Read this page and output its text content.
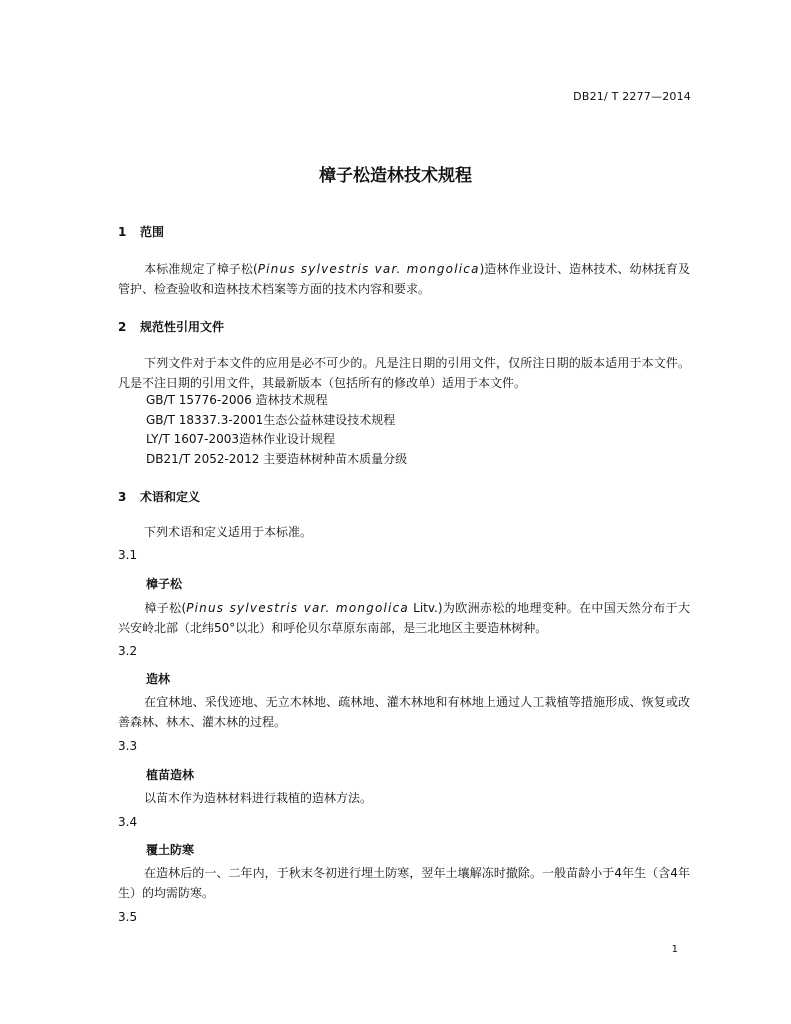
DB21/ T 2277—2014
樟子松造林技术规程
1 范围
本标准规定了樟子松(Pinus sylvestris var. mongolica)造林作业设计、造林技术、幼林抚育及管护、检查验收和造林技术档案等方面的技术内容和要求。
2 规范性引用文件
下列文件对于本文件的应用是必不可少的。凡是注日期的引用文件，仅所注日期的版本适用于本文件。凡是不注日期的引用文件，其最新版本（包括所有的修改单）适用于本文件。
GB/T 15776-2006 造林技术规程
GB/T 18337.3-2001生态公益林建设技术规程
LY/T 1607-2003造林作业设计规程
DB21/T 2052-2012 主要造林树种苗木质量分级
3 术语和定义
下列术语和定义适用于本标准。
3.1
樟子松
樟子松(Pinus sylvestris var. mongolica Litv.)为欧洲赤松的地理变种。在中国天然分布于大兴安岭北部（北纬50°以北）和呼伦贝尔草原东南部，是三北地区主要造林树种。
3.2
造林
在宜林地、采伐迹地、无立木林地、疏林地、灌木林地和有林地上通过人工栽植等措施形成、恢复或改善森林、林木、灌木林的过程。
3.3
植苗造林
以苗木作为造林材料进行栽植的造林方法。
3.4
覆土防寒
在造林后的一、二年内，于秋末冬初进行埋土防寒，翌年土壤解冻时撤除。一般苗龄小于4年生（含4年生）的均需防寒。
3.5
1
